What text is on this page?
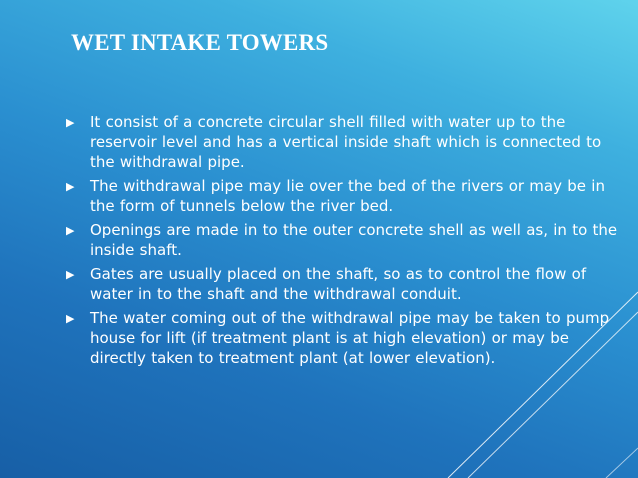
WET INTAKE TOWERS
▶	It consist of a concrete circular shell filled with water up to the reservoir level and has a vertical inside shaft which is connected to the withdrawal pipe.
▶	The withdrawal pipe may lie over the bed of the rivers or may be in the form of tunnels below the river bed.
▶	Openings are made in to the outer concrete shell as well as, in to the inside shaft.
▶	Gates are usually placed on the shaft, so as to control the flow of water in to the shaft and the withdrawal conduit.
▶	The water coming out of the withdrawal pipe may be taken to pump house for lift (if treatment plant is at high elevation) or may be directly taken to treatment plant (at lower elevation).
